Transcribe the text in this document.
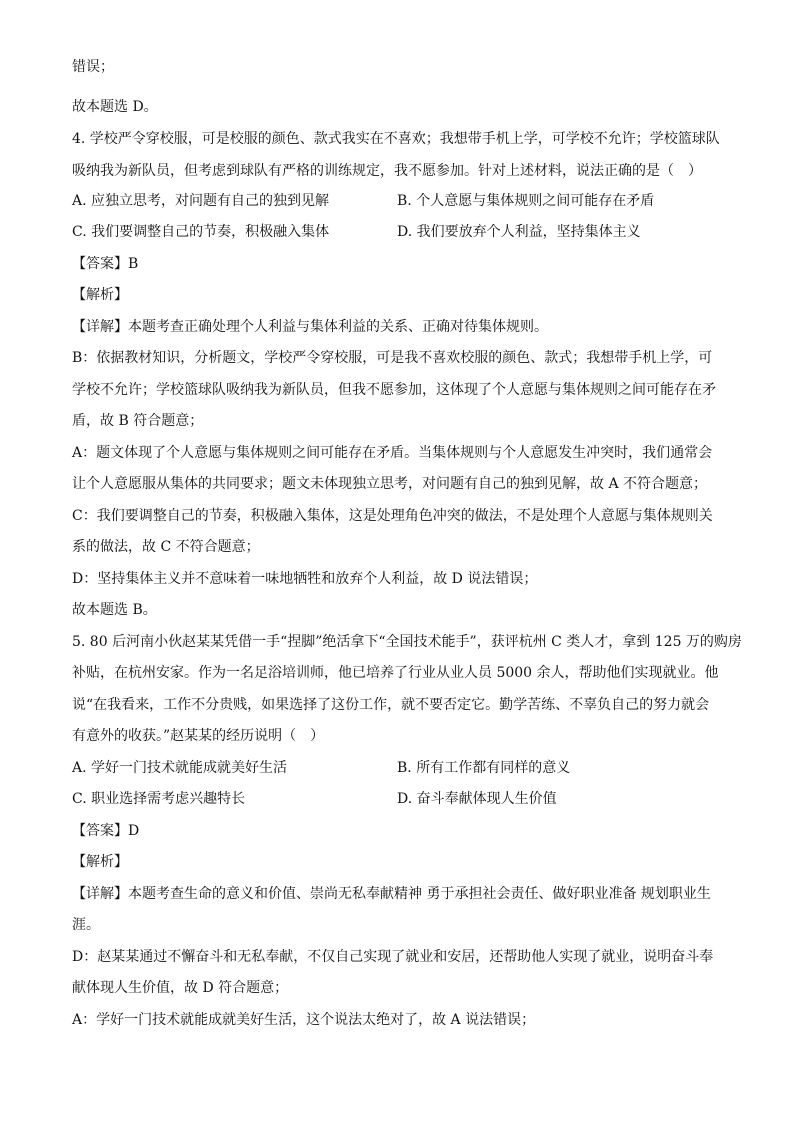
错误；
故本题选 D。
4. 学校严令穿校服，可是校服的颜色、款式我实在不喜欢；我想带手机上学，可学校不允许；学校篮球队
吸纳我为新队员，但考虑到球队有严格的训练规定，我不愿参加。针对上述材料，说法正确的是（　）
A. 应独立思考，对问题有自己的独到见解	B. 个人意愿与集体规则之间可能存在矛盾
C. 我们要调整自己的节奏，积极融入集体	D. 我们要放弃个人利益，坚持集体主义
【答案】B
【解析】
【详解】本题考查正确处理个人利益与集体利益的关系、正确对待集体规则。
B：依据教材知识，分析题文，学校严令穿校服，可是我不喜欢校服的颜色、款式；我想带手机上学，可
学校不允许；学校篮球队吸纳我为新队员，但我不愿参加，这体现了个人意愿与集体规则之间可能存在矛
盾，故 B 符合题意；
A：题文体现了个人意愿与集体规则之间可能存在矛盾。当集体规则与个人意愿发生冲突时，我们通常会
让个人意愿服从集体的共同要求；题文未体现独立思考，对问题有自己的独到见解，故 A 不符合题意；
C：我们要调整自己的节奏，积极融入集体，这是处理角色冲突的做法，不是处理个人意愿与集体规则关
系的做法，故 C 不符合题意；
D：坚持集体主义并不意味着一味地牺牲和放弃个人利益，故 D 说法错误；
故本题选 B。
5. 80 后河南小伙赵某某凭借一手“捏脚”绝活拿下“全国技术能手”，获评杭州 C 类人才，拿到 125 万的购房
补贴，在杭州安家。作为一名足浴培训师，他已培养了行业从业人员 5000 余人，帮助他们实现就业。他
说“在我看来，工作不分贵贱，如果选择了这份工作，就不要否定它。勤学苦练、不辜负自己的努力就会
有意外的收获。”赵某某的经历说明（　）
A. 学好一门技术就能成就美好生活	B. 所有工作都有同样的意义
C. 职业选择需考虑兴趣特长	D. 奋斗奉献体现人生价值
【答案】D
【解析】
【详解】本题考查生命的意义和价值、崇尚无私奉献精神 勇于承担社会责任、做好职业准备 规划职业生
涯。
D：赵某某通过不懈奋斗和无私奉献，不仅自己实现了就业和安居，还帮助他人实现了就业，说明奋斗奉
献体现人生价值，故 D 符合题意；
A：学好一门技术就能成就美好生活，这个说法太绝对了，故 A 说法错误；
